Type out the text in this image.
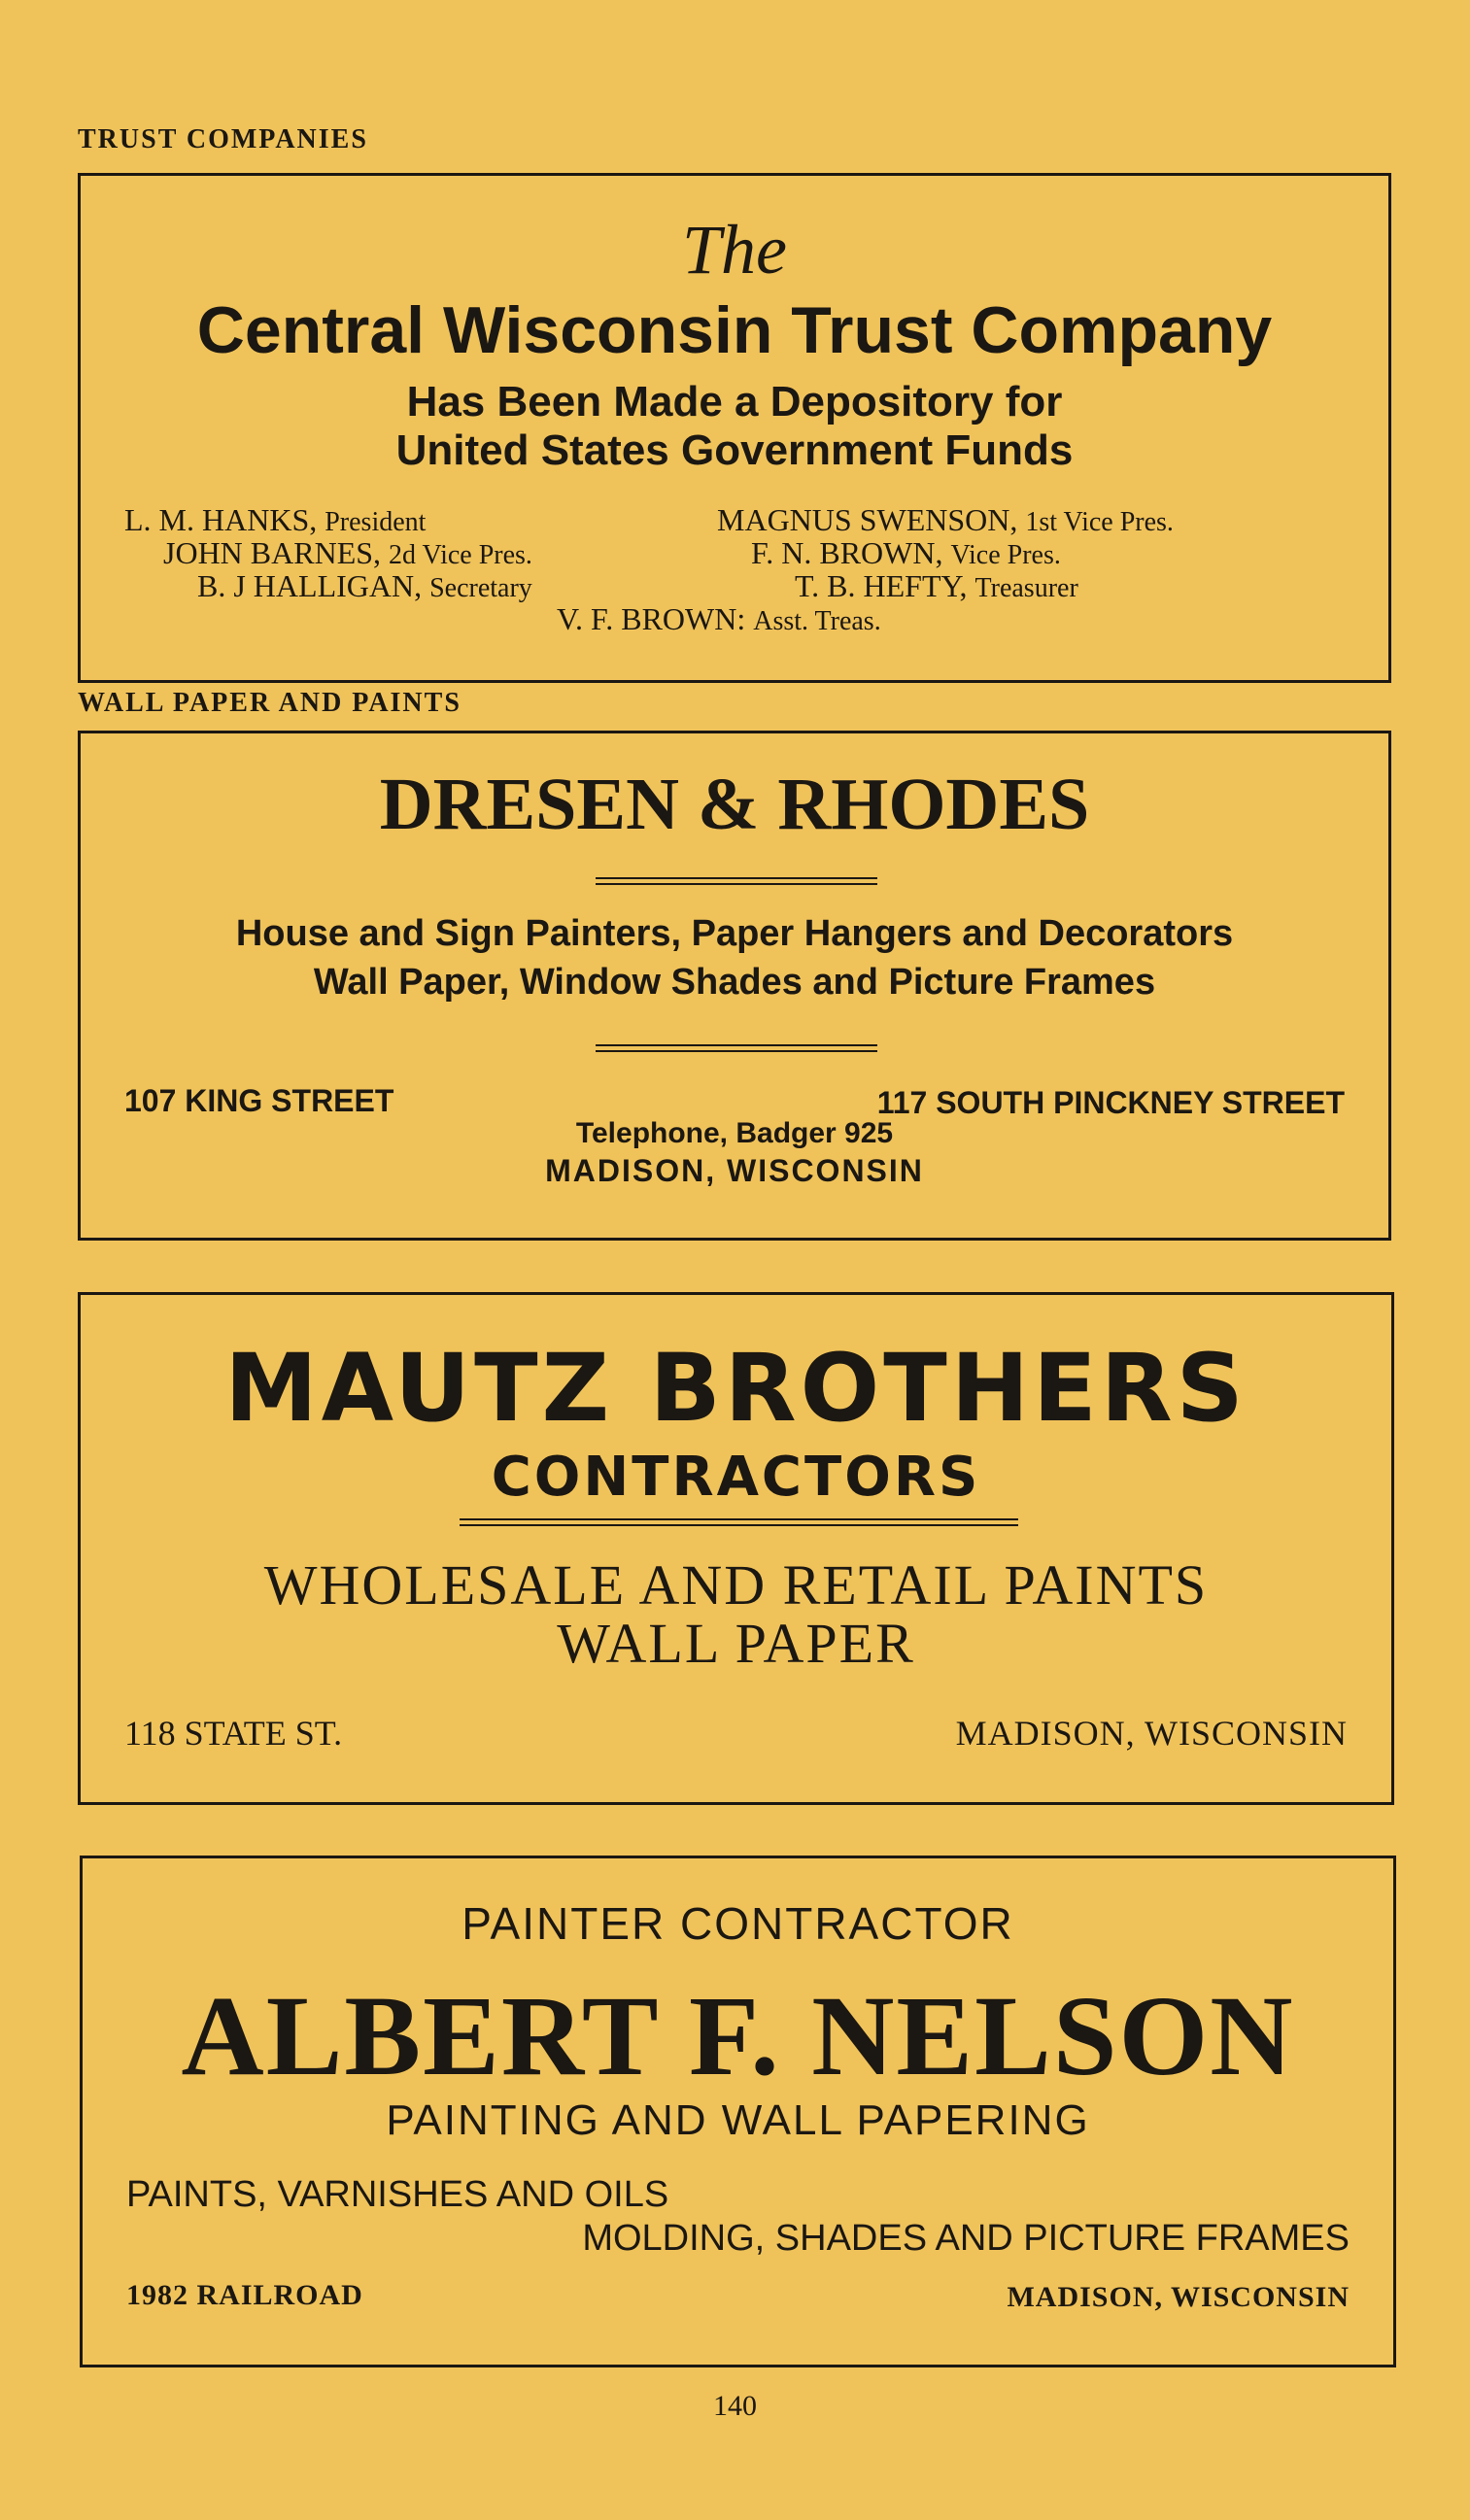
TRUST COMPANIES
The
Central Wisconsin Trust Company
Has Been Made a Depository for
United States Government Funds
L. M. HANKS, President	MAGNUS SWENSON, 1st Vice Pres.
JOHN BARNES, 2d Vice Pres.	F. N. BROWN, Vice Pres.
B. J HALLIGAN, Secretary	T. B. HEFTY, Treasurer
V. F. BROWN: Asst. Treas.
WALL PAPER AND PAINTS
DRESEN & RHODES
House and Sign Painters, Paper Hangers and Decorators
Wall Paper, Window Shades and Picture Frames
107 KING STREET	117 SOUTH PINCKNEY STREET
Telephone, Badger 925
MADISON, WISCONSIN
MAUTZ BROTHERS
CONTRACTORS
WHOLESALE AND RETAIL PAINTS
WALL PAPER
118 STATE ST.	MADISON, WISCONSIN
PAINTER CONTRACTOR
ALBERT F. NELSON
PAINTING AND WALL PAPERING
PAINTS, VARNISHES AND OILS
MOLDING, SHADES AND PICTURE FRAMES
1982 RAILROAD	MADISON, WISCONSIN
140
